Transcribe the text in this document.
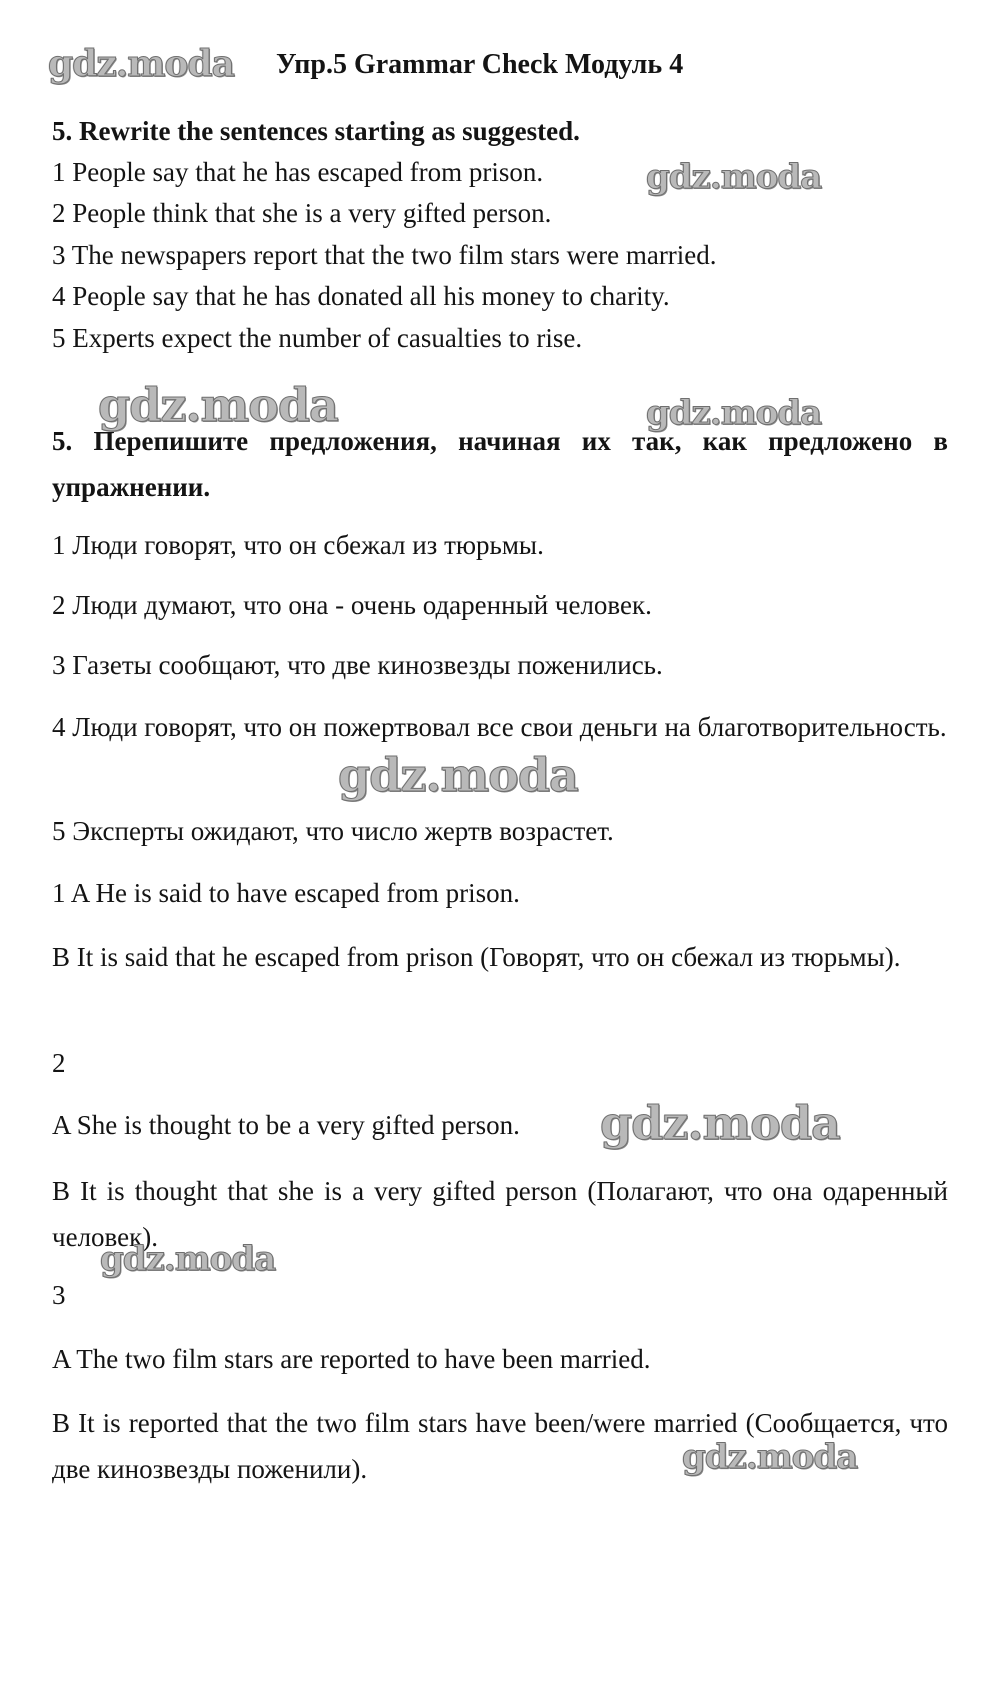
gdz.moda Упр.5 Grammar Check Модуль 4
5. Rewrite the sentences starting as suggested.
1 People say that he has escaped from prison.
2 People think that she is a very gifted person.
3 The newspapers report that the two film stars were married.
4 People say that he has donated all his money to charity.
5 Experts expect the number of casualties to rise.
5. Перепишите предложения, начиная их так, как предложено в упражнении.
1 Люди говорят, что он сбежал из тюрьмы.
2 Люди думают, что она - очень одаренный человек.
3 Газеты сообщают, что две кинозвезды поженились.
4 Люди говорят, что он пожертвовал все свои деньги на благотворительность.
5 Эксперты ожидают, что число жертв возрастет.
1 A He is said to have escaped from prison.
B It is said that he escaped from prison (Говорят, что он сбежал из тюрьмы).
2
A She is thought to be a very gifted person.
B It is thought that she is a very gifted person (Полагают, что она одаренный человек).
3
A The two film stars are reported to have been married.
B It is reported that the two film stars have been/were married (Сообщается, что две кинозвезды поженили).
gdz.moda
gdz.moda	gdz.moda
gdz.moda
gdz.moda
gdz.moda
gdz.moda
